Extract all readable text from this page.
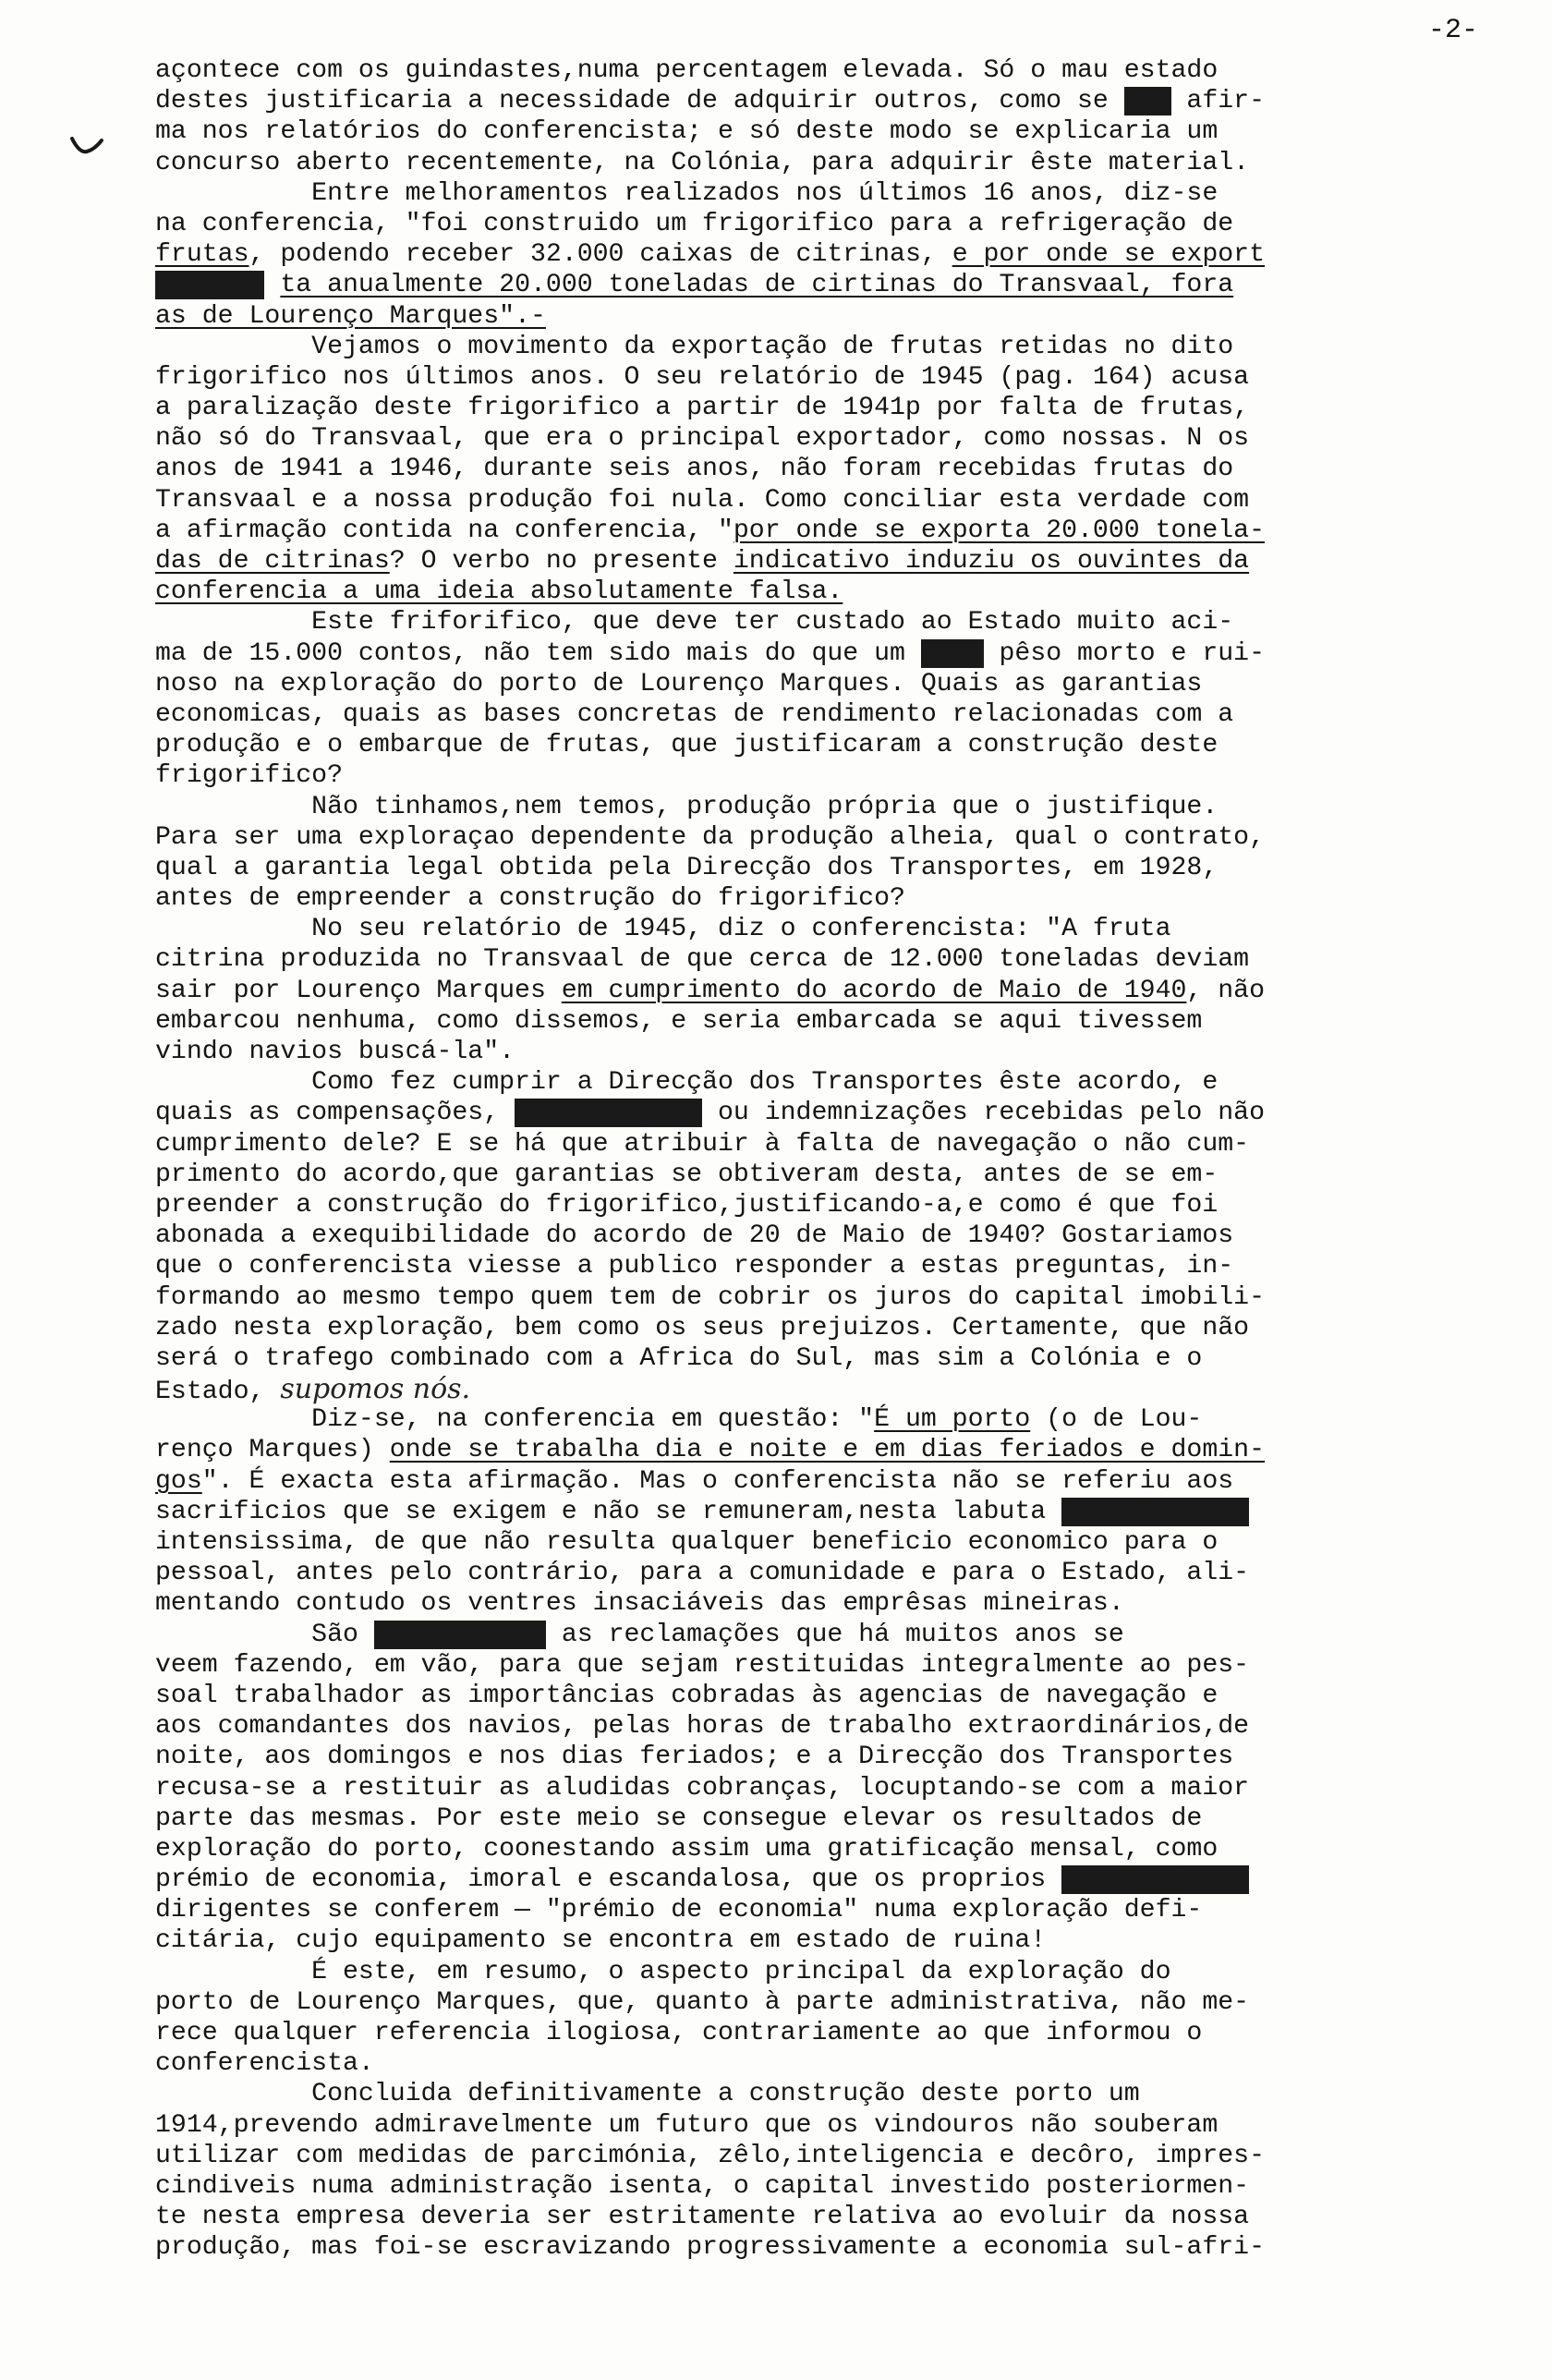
-2-
açontece com os guindastes,numa percentagem elevada. Só o mau estado
destes justificaria a necessidade de adquirir outros, como se não afir-
ma nos relatórios do conferencista; e só deste modo se explicaria um
concurso aberto recentemente, na Colónia, para adquirir êste material.
Entre melhoramentos realizados nos últimos 16 anos, diz-se
na conferencia, "foi construido um frigorifico para a refrigeração de
frutas, podendo receber 32.000 caixas de citrinas, e por onde se export
exporta ta anualmente 20.000 toneladas de cirtinas do Transvaal, fora
as de Lourenço Marques".-
Vejamos o movimento da exportação de frutas retidas no dito
frigorifico nos últimos anos. O seu relatório de 1945 (pag. 164) acusa
a paralização deste frigorifico a partir de 1941p por falta de frutas,
não só do Transvaal, que era o principal exportador, como nossas. N os
anos de 1941 a 1946, durante seis anos, não foram recebidas frutas do
Transvaal e a nossa produção foi nula. Como conciliar esta verdade com
a afirmação contida na conferencia, "por onde se exporta 20.000 tonela-
das de citrinas? O verbo no presente indicativo induziu os ouvintes da
conferencia a uma ideia absolutamente falsa.
Este friforifico, que deve ter custado ao Estado muito aci-
ma de 15.000 contos, não tem sido mais do que um peso pêso morto e rui-
noso na exploração do porto de Lourenço Marques. Quais as garantias
economicas, quais as bases concretas de rendimento relacionadas com a
produção e o embarque de frutas, que justificaram a construção deste
frigorifico?
Não tinhamos,nem temos, produção própria que o justifique.
Para ser uma exploraçao dependente da produção alheia, qual o contrato,
qual a garantia legal obtida pela Direcção dos Transportes, em 1928,
antes de empreender a construção do frigorifico?
No seu relatório de 1945, diz o conferencista: "A fruta
citrina produzida no Transvaal de que cerca de 12.000 toneladas deviam
sair por Lourenço Marques em cumprimento do acordo de Maio de 1940, não
embarcou nenhuma, como dissemos, e seria embarcada se aqui tivessem
vindo navios buscá-la".
Como fez cumprir a Direcção dos Transportes êste acordo, e
quais as compensações, compensações ou indemnizações recebidas pelo não
cumprimento dele? E se há que atribuir à falta de navegação o não cum-
primento do acordo,que garantias se obtiveram desta, antes de se em-
preender a construção do frigorifico,justificando-a,e como é que foi
abonada a exequibilidade do acordo de 20 de Maio de 1940? Gostariamos
que o conferencista viesse a publico responder a estas preguntas, in-
formando ao mesmo tempo quem tem de cobrir os juros do capital imobili-
zado nesta exploração, bem como os seus prejuizos. Certamente, que não
será o trafego combinado com a Africa do Sul, mas sim a Colónia e o
Estado, supomos nós.
Diz-se, na conferencia em questão: "É um porto (o de Lou-
renço Marques) onde se trabalha dia e noite e em dias feriados e domin-
gos". É exacta esta afirmação. Mas o conferencista não se referiu aos
sacrificios que se exigem e não se remuneram,nesta labuta intensissima
intensissima, de que não resulta qualquer beneficio economico para o
pessoal, antes pelo contrário, para a comunidade e para o Estado, ali-
mentando contudo os ventres insaciáveis das emprêsas mineiras.
São inumeráveis as reclamações que há muitos anos se
veem fazendo, em vão, para que sejam restituidas integralmente ao pes-
soal trabalhador as importâncias cobradas às agencias de navegação e
aos comandantes dos navios, pelas horas de trabalho extraordinários,de
noite, aos domingos e nos dias feriados; e a Direcção dos Transportes
recusa-se a restituir as aludidas cobranças, locuptando-se com a maior
parte das mesmas. Por este meio se consegue elevar os resultados de
exploração do porto, coonestando assim uma gratificação mensal, como
prémio de economia, imoral e escandalosa, que os proprios funcionários
dirigentes se conferem — "prémio de economia" numa exploração defi-
citária, cujo equipamento se encontra em estado de ruina!
É este, em resumo, o aspecto principal da exploração do
porto de Lourenço Marques, que, quanto à parte administrativa, não me-
rece qualquer referencia ilogiosa, contrariamente ao que informou o
conferencista.
Concluida definitivamente a construção deste porto um
1914,prevendo admiravelmente um futuro que os vindouros não souberam
utilizar com medidas de parcimónia, zêlo,inteligencia e decôro, impres-
cindiveis numa administração isenta, o capital investido posteriormen-
te nesta empresa deveria ser estritamente relativa ao evoluir da nossa
produção, mas foi-se escravizando progressivamente a economia sul-afri-
